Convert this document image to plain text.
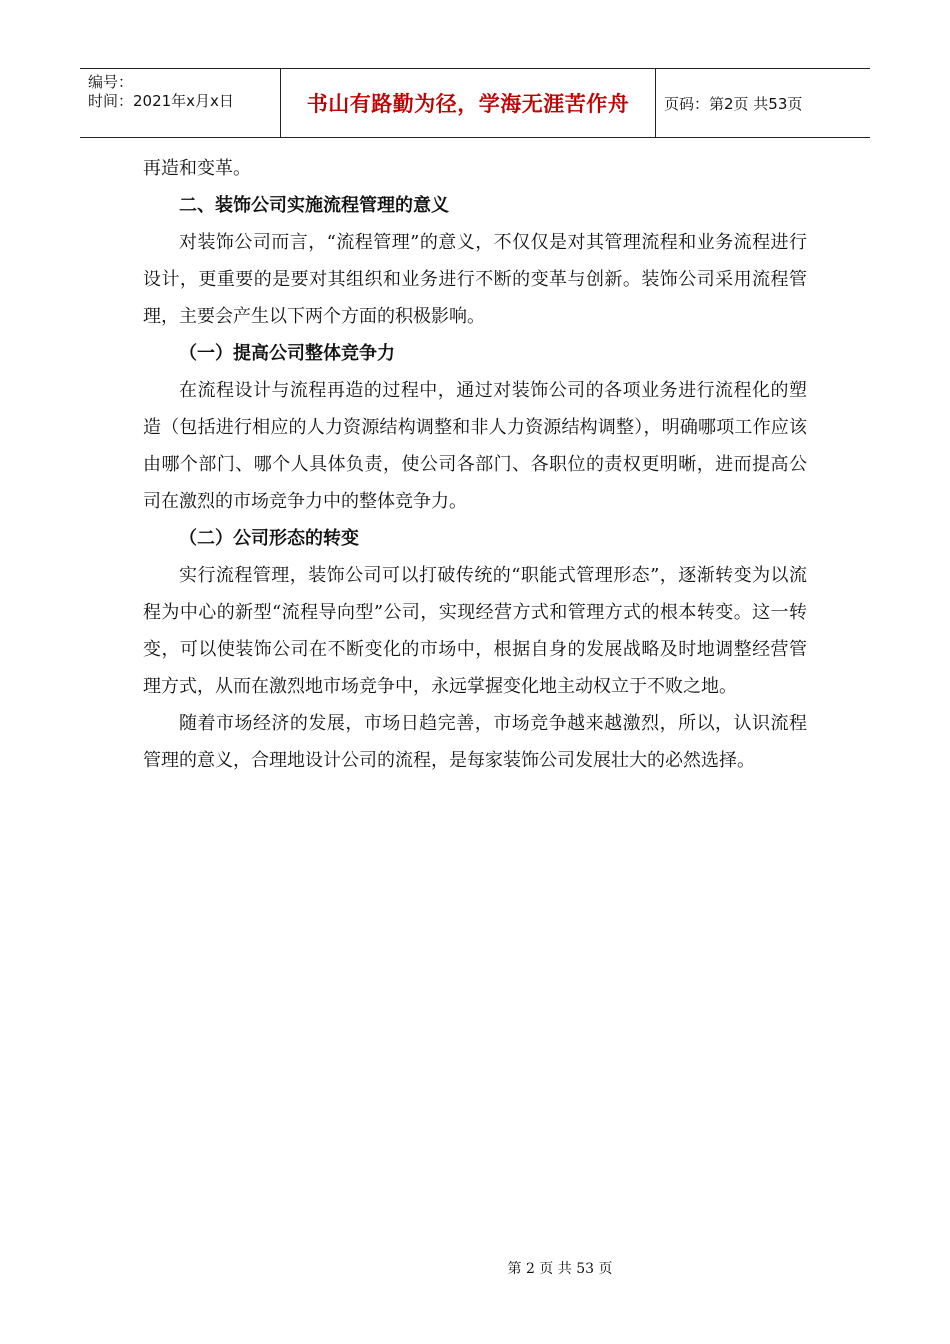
编号：
时间：2021年x月x日	书山有路勤为径，学海无涯苦作舟	页码：第2页 共53页

再造和变革。

二、装饰公司实施流程管理的意义

对装饰公司而言，“流程管理”的意义，不仅仅是对其管理流程和业务流程进行设计，更重要的是要对其组织和业务进行不断的变革与创新。装饰公司采用流程管理，主要会产生以下两个方面的积极影响。

（一）提高公司整体竞争力

在流程设计与流程再造的过程中，通过对装饰公司的各项业务进行流程化的塑造（包括进行相应的人力资源结构调整和非人力资源结构调整），明确哪项工作应该由哪个部门、哪个人具体负责，使公司各部门、各职位的责权更明晰，进而提高公司在激烈的市场竞争力中的整体竞争力。

（二）公司形态的转变

实行流程管理，装饰公司可以打破传统的“职能式管理形态”，逐渐转变为以流程为中心的新型“流程导向型”公司，实现经营方式和管理方式的根本转变。这一转变，可以使装饰公司在不断变化的市场中，根据自身的发展战略及时地调整经营管理方式，从而在激烈地市场竞争中，永远掌握变化地主动权立于不败之地。

随着市场经济的发展，市场日趋完善，市场竞争越来越激烈，所以，认识流程管理的意义，合理地设计公司的流程，是每家装饰公司发展壮大的必然选择。

第 2 页 共 53 页
